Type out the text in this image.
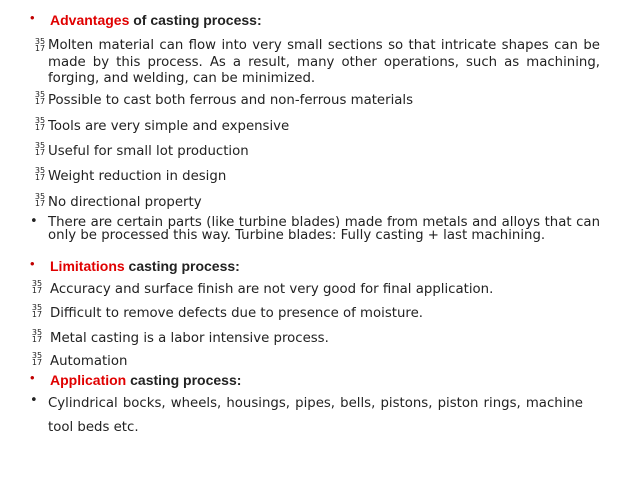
• Advantages of casting process:
35
17 Molten material can flow into very small sections so that intricate shapes can be made by this process. As a result, many other operations, such as machining, forging, and welding, can be minimized.
35
17 Possible to cast both ferrous and non-ferrous materials
35
17 Tools are very simple and expensive
35
17 Useful for small lot production
35
17 Weight reduction in design
35
17 No directional property
• There are certain parts (like turbine blades) made from metals and alloys that can only be processed this way. Turbine blades: Fully casting + last machining.
• Limitations casting process:
35
17 Accuracy and surface finish are not very good for final application.
35
17 Difficult to remove defects due to presence of moisture.
35
17 Metal casting is a labor intensive process.
35
17 Automation
• Application casting process:
• Cylindrical bocks, wheels, housings, pipes, bells, pistons, piston rings, machine tool beds etc.
